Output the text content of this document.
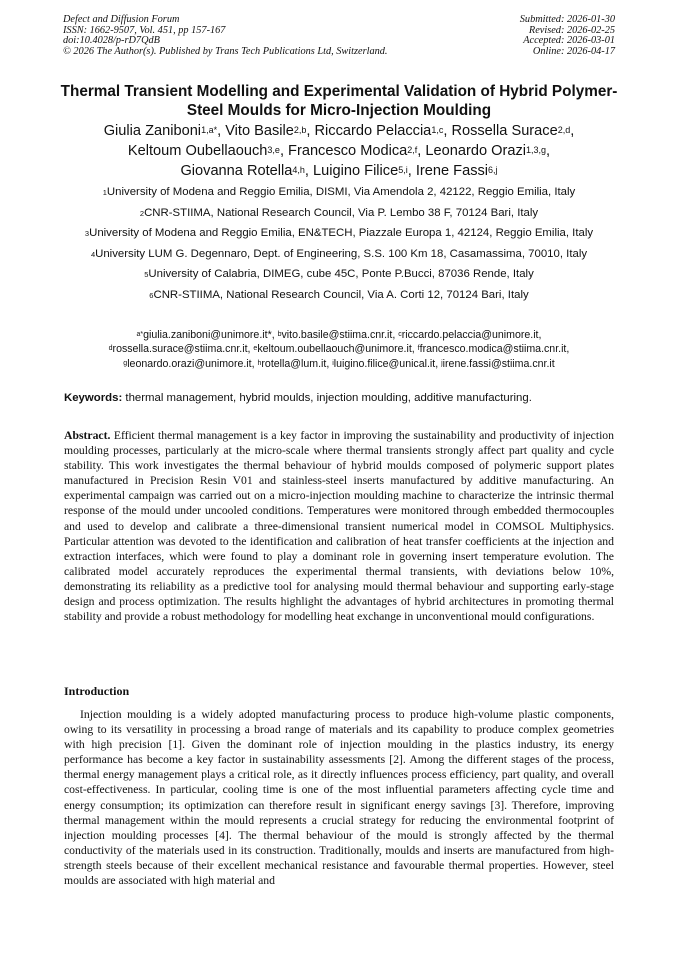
Defect and Diffusion Forum
ISSN: 1662-9507, Vol. 451, pp 157-167
doi:10.4028/p-rD7QdB
© 2026 The Author(s). Published by Trans Tech Publications Ltd, Switzerland.
Submitted: 2026-01-30
Revised: 2026-02-25
Accepted: 2026-03-01
Online: 2026-04-17
Thermal Transient Modelling and Experimental Validation of Hybrid Polymer-Steel Moulds for Micro-Injection Moulding
Giulia Zaniboni$^{1,a*}$, Vito Basile$^{2,b}$, Riccardo Pelaccia$^{1,c}$, Rossella Surace$^{2,d}$,
Keltoum Oubellaouch$^{3,e}$, Francesco Modica$^{2,f}$, Leonardo Orazi$^{1,3,g}$,
Giovanna Rotella$^{4,h}$, Luigino Filice$^{5,i}$, Irene Fassi$^{6,j}$
$^1$University of Modena and Reggio Emilia, DISMI, Via Amendola 2, 42122, Reggio Emilia, Italy
$^2$CNR-STIIMA, National Research Council, Via P. Lembo 38 F, 70124 Bari, Italy
$^3$University of Modena and Reggio Emilia, EN&TECH, Piazzale Europa 1, 42124, Reggio Emilia, Italy
$^4$University LUM G. Degennaro, Dept. of Engineering, S.S. 100 Km 18, Casamassima, 70010, Italy
$^5$University of Calabria, DIMEG, cube 45C, Ponte P.Bucci, 87036 Rende, Italy
$^6$CNR-STIIMA, National Research Council, Via A. Corti 12, 70124 Bari, Italy
$^{a*}$giulia.zaniboni@unimore.it*, $^b$vito.basile@stiima.cnr.it, $^c$riccardo.pelaccia@unimore.it,
$^d$rossella.surace@stiima.cnr.it, $^e$keltoum.oubellaouch@unimore.it, $^f$francesco.modica@stiima.cnr.it,
$^g$leonardo.orazi@unimore.it, $^h$rotella@lum.it, $^i$luigino.filice@unical.it, $^j$irene.fassi@stiima.cnr.it
Keywords: thermal management, hybrid moulds, injection moulding, additive manufacturing.

Abstract. Efficient thermal management is a key factor in improving the sustainability and productivity of injection moulding processes, particularly at the micro-scale where thermal transients strongly affect part quality and cycle stability. This work investigates the thermal behaviour of hybrid moulds composed of polymeric support plates manufactured in Precision Resin V01 and stainless-steel inserts manufactured by additive manufacturing. An experimental campaign was carried out on a micro-injection moulding machine to characterize the intrinsic thermal response of the mould under uncooled conditions. Temperatures were monitored through embedded thermocouples and used to develop and calibrate a three-dimensional transient numerical model in COMSOL Multiphysics. Particular attention was devoted to the identification and calibration of heat transfer coefficients at the injection and extraction interfaces, which were found to play a dominant role in governing insert temperature evolution. The calibrated model accurately reproduces the experimental thermal transients, with deviations below 10%, demonstrating its reliability as a predictive tool for analysing mould thermal behaviour and supporting early-stage design and process optimization. The results highlight the advantages of hybrid architectures in promoting thermal stability and provide a robust methodology for modelling heat exchange in unconventional mould configurations.

Introduction

Injection moulding is a widely adopted manufacturing process to produce high-volume plastic components, owing to its versatility in processing a broad range of materials and its capability to produce complex geometries with high precision [1]. Given the dominant role of injection moulding in the plastics industry, its energy performance has become a key factor in sustainability assessments [2]. Among the different stages of the process, thermal energy management plays a critical role, as it directly influences process efficiency, part quality, and overall cost-effectiveness. In particular, cooling time is one of the most influential parameters affecting cycle time and energy consumption; its optimization can therefore result in significant energy savings [3]. Therefore, improving thermal management within the mould represents a crucial strategy for reducing the environmental footprint of injection moulding processes [4]. The thermal behaviour of the mould is strongly affected by the thermal conductivity of the materials used in its construction. Traditionally, moulds and inserts are manufactured from high-strength steels because of their excellent mechanical resistance and favourable thermal properties. However, steel moulds are associated with high material and
